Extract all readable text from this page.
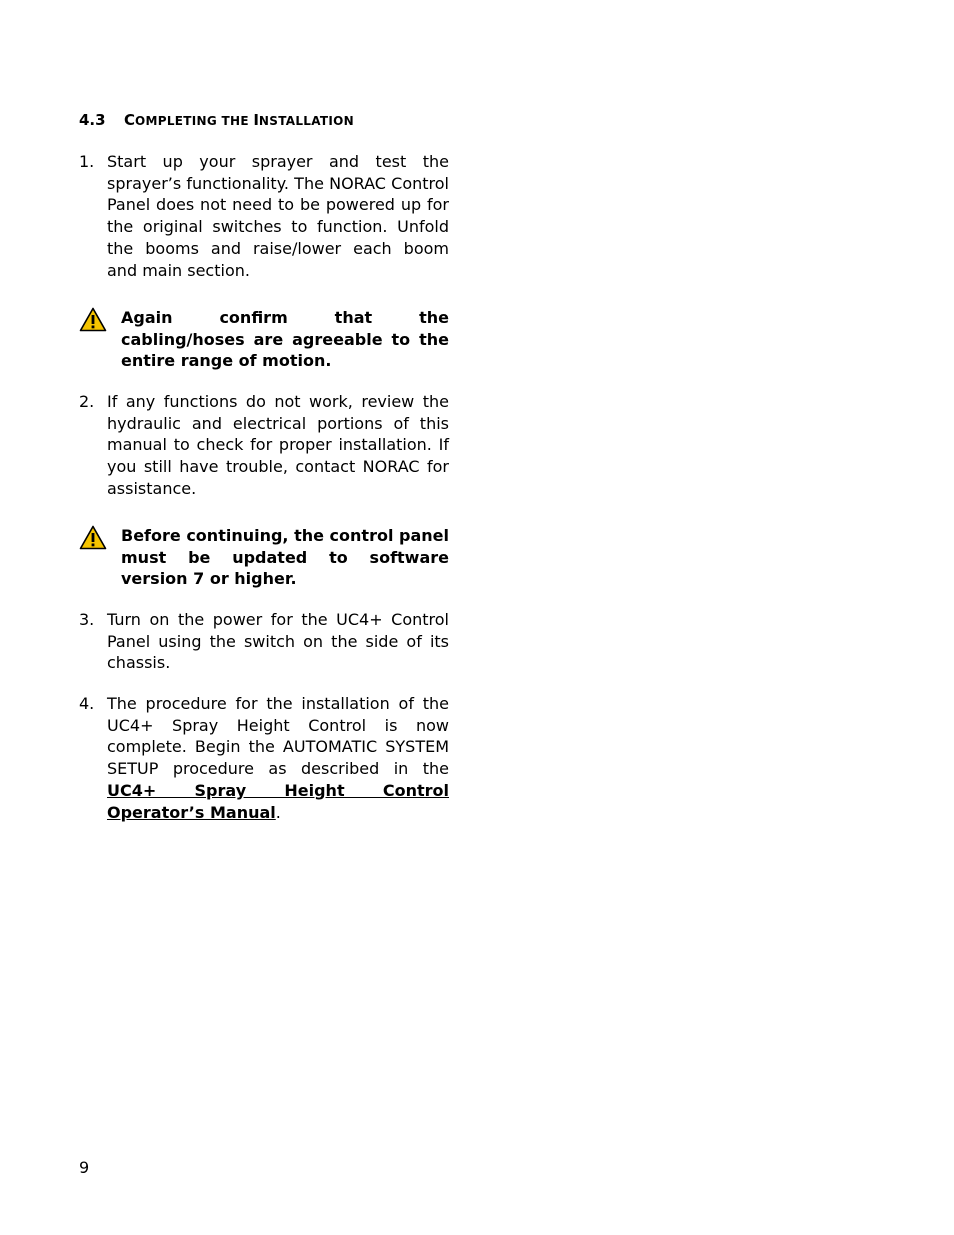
4.3 COMPLETING THE INSTALLATION
1. Start up your sprayer and test the sprayer’s functionality. The NORAC Control Panel does not need to be powered up for the original switches to function. Unfold the booms and raise/lower each boom and main section.
Again confirm that the cabling/hoses are agreeable to the entire range of motion.
2. If any functions do not work, review the hydraulic and electrical portions of this manual to check for proper installation. If you still have trouble, contact NORAC for assistance.
Before continuing, the control panel must be updated to software version 7 or higher.
3. Turn on the power for the UC4+ Control Panel using the switch on the side of its chassis.
4. The procedure for the installation of the UC4+ Spray Height Control is now complete. Begin the AUTOMATIC SYSTEM SETUP procedure as described in the UC4+ Spray Height Control Operator’s Manual.
9
